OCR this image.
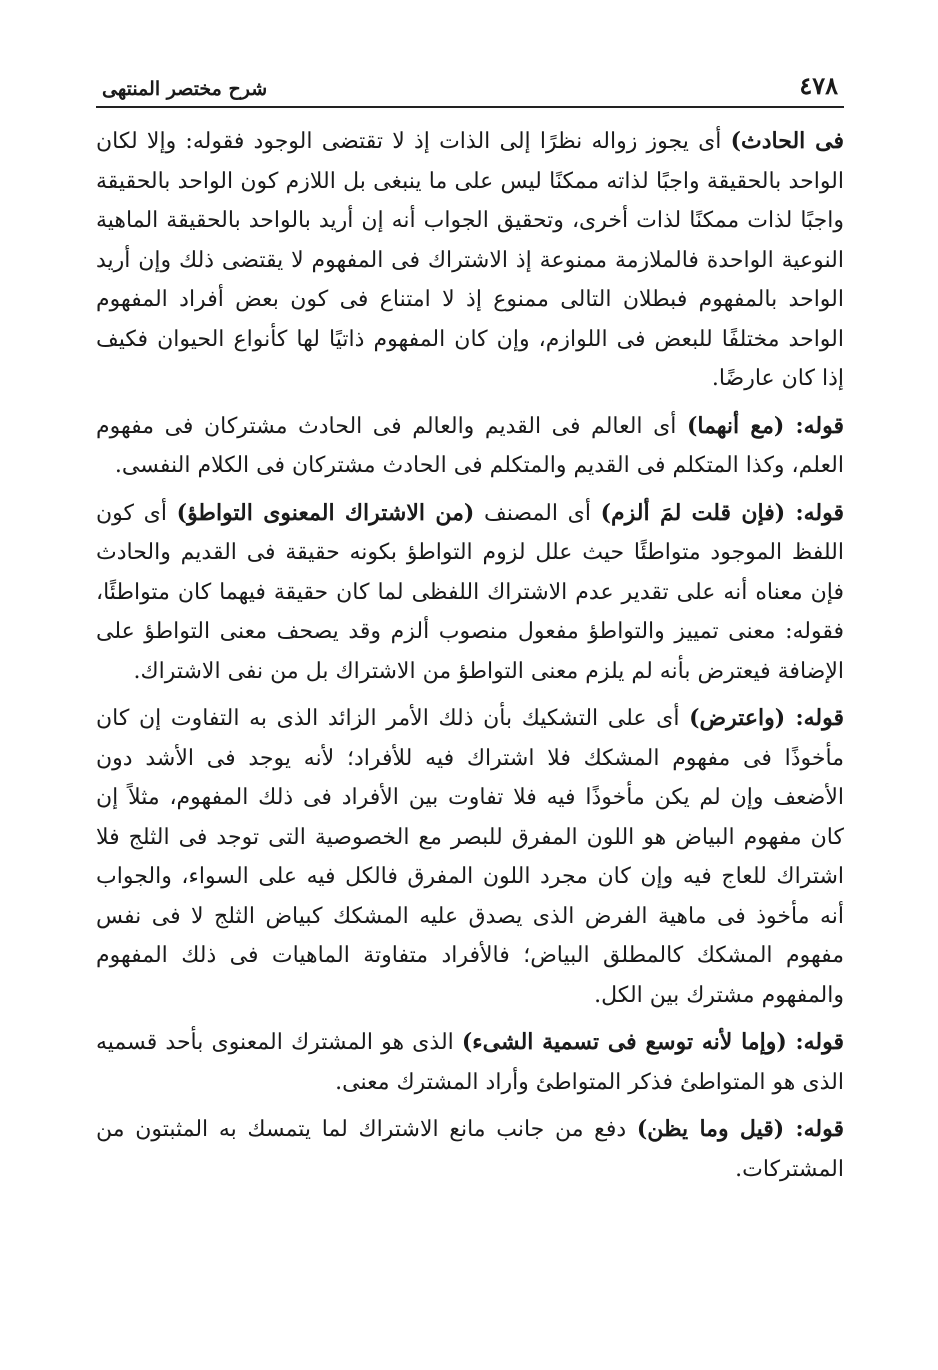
٤٧٨
شرح مختصر المنتهى

فى الحادث) أى يجوز زواله نظرًا إلى الذات إذ لا تقتضى الوجود فقوله: وإلا لكان الواحد بالحقيقة واجبًا لذاته ممكنًا ليس على ما ينبغى بل اللازم كون الواحد بالحقيقة واجبًا لذات ممكنًا لذات أخرى، وتحقيق الجواب أنه إن أريد بالواحد بالحقيقة الماهية النوعية الواحدة فالملازمة ممنوعة إذ الاشتراك فى المفهوم لا يقتضى ذلك وإن أريد الواحد بالمفهوم فبطلان التالى ممنوع إذ لا امتناع فى كون بعض أفراد المفهوم الواحد مختلفًا للبعض فى اللوازم، وإن كان المفهوم ذاتيًا لها كأنواع الحيوان فكيف إذا كان عارضًا.

قوله: (مع أنهما) أى العالم فى القديم والعالم فى الحادث مشتركان فى مفهوم العلم، وكذا المتكلم فى القديم والمتكلم فى الحادث مشتركان فى الكلام النفسى.

قوله: (فإن قلت لمَ ألزم) أى المصنف (من الاشتراك المعنوى التواطؤ) أى كون اللفظ الموجود متواطئًا حيث علل لزوم التواطؤ بكونه حقيقة فى القديم والحادث فإن معناه أنه على تقدير عدم الاشتراك اللفظى لما كان حقيقة فيهما كان متواطئًا، فقوله: معنى تمييز والتواطؤ مفعول منصوب ألزم وقد يصحف معنى التواطؤ على الإضافة فيعترض بأنه لم يلزم معنى التواطؤ من الاشتراك بل من نفى الاشتراك.

قوله: (واعترض) أى على التشكيك بأن ذلك الأمر الزائد الذى به التفاوت إن كان مأخوذًا فى مفهوم المشكك فلا اشتراك فيه للأفراد؛ لأنه يوجد فى الأشد دون الأضعف وإن لم يكن مأخوذًا فيه فلا تفاوت بين الأفراد فى ذلك المفهوم، مثلاً إن كان مفهوم البياض هو اللون المفرق للبصر مع الخصوصية التى توجد فى الثلج فلا اشتراك للعاج فيه وإن كان مجرد اللون المفرق فالكل فيه على السواء، والجواب أنه مأخوذ فى ماهية الفرض الذى يصدق عليه المشكك كبياض الثلج لا فى نفس مفهوم المشكك كالمطلق البياض؛ فالأفراد متفاوتة الماهيات فى ذلك المفهوم والمفهوم مشترك بين الكل.

قوله: (وإما لأنه توسع فى تسمية الشىء) الذى هو المشترك المعنوى بأحد قسميه الذى هو المتواطئ فذكر المتواطئ وأراد المشترك معنى.

قوله: (قيل وما يظن) دفع من جانب مانع الاشتراك لما يتمسك به المثبتون من المشتركات.
